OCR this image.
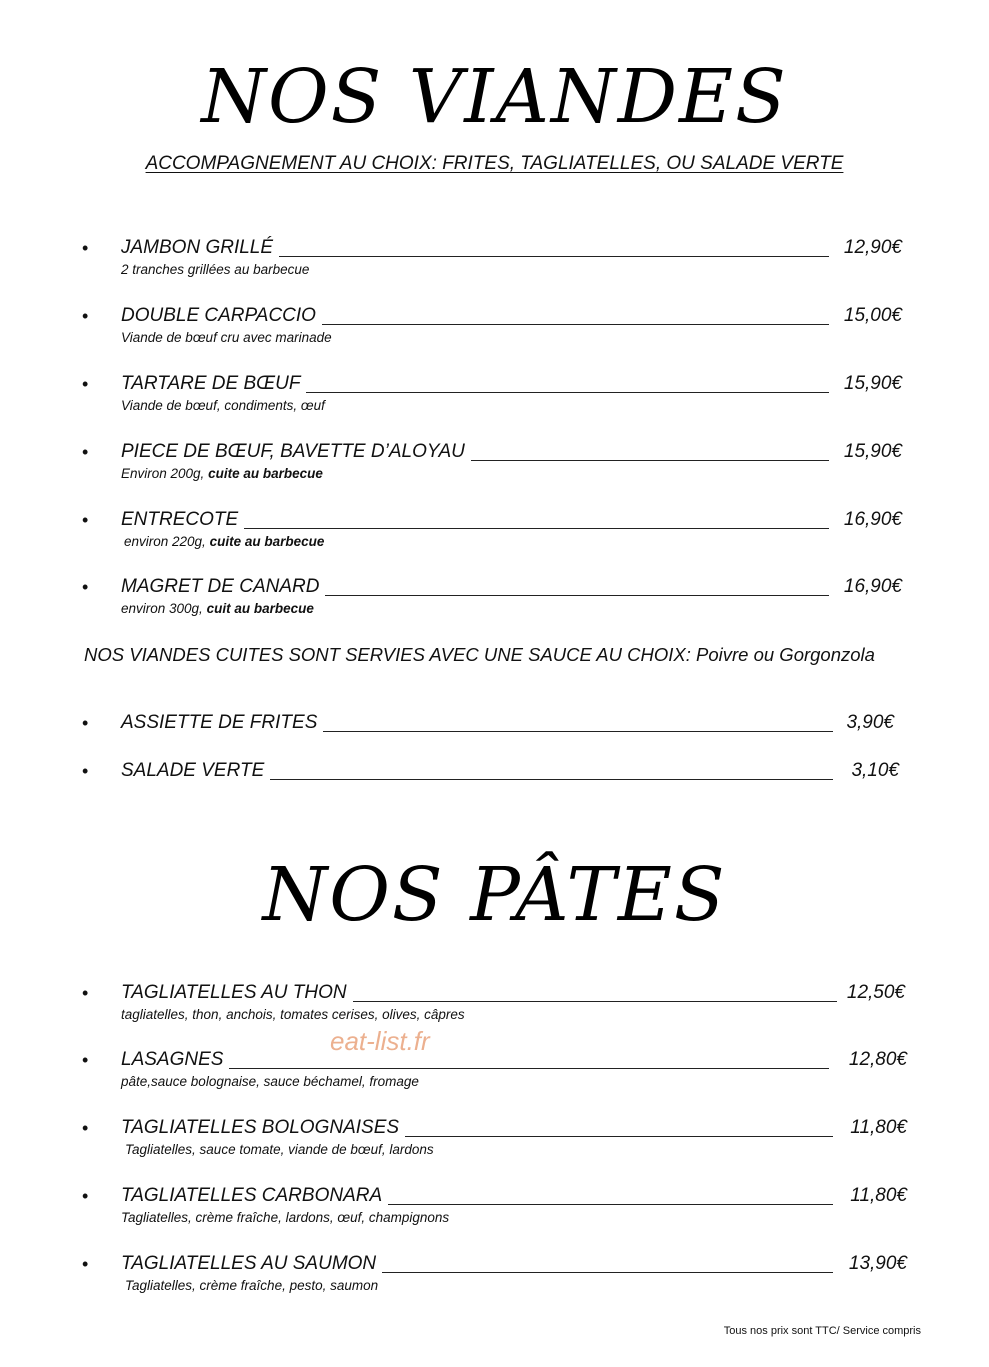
NOS VIANDES
ACCOMPAGNEMENT AU CHOIX: FRITES, TAGLIATELLES, OU SALADE VERTE
• JAMBON GRILLÉ	12,90€
2 tranches grillées au barbecue
• DOUBLE CARPACCIO	15,00€
Viande de bœuf cru avec marinade
• TARTARE DE BŒUF	15,90€
Viande de bœuf, condiments, œuf
• PIECE DE BŒUF, BAVETTE D’ALOYAU	15,90€
Environ 200g, cuite au barbecue
• ENTRECOTE	16,90€
environ 220g, cuite au barbecue
• MAGRET DE CANARD	16,90€
environ 300g, cuit au barbecue
NOS VIANDES CUITES SONT SERVIES AVEC UNE SAUCE AU CHOIX: Poivre ou Gorgonzola
• ASSIETTE DE FRITES	3,90€
• SALADE VERTE	3,10€
NOS PÂTES
• TAGLIATELLES AU THON	12,50€
tagliatelles, thon, anchois, tomates cerises, olives, câpres
• LASAGNES	12,80€
pâte,sauce bolognaise, sauce béchamel, fromage
• TAGLIATELLES BOLOGNAISES	11,80€
Tagliatelles, sauce tomate, viande de bœuf, lardons
• TAGLIATELLES CARBONARA	11,80€
Tagliatelles, crème fraîche, lardons, œuf, champignons
• TAGLIATELLES AU SAUMON	13,90€
Tagliatelles, crème fraîche, pesto, saumon
eat-list.fr
Tous nos prix sont TTC/ Service compris
